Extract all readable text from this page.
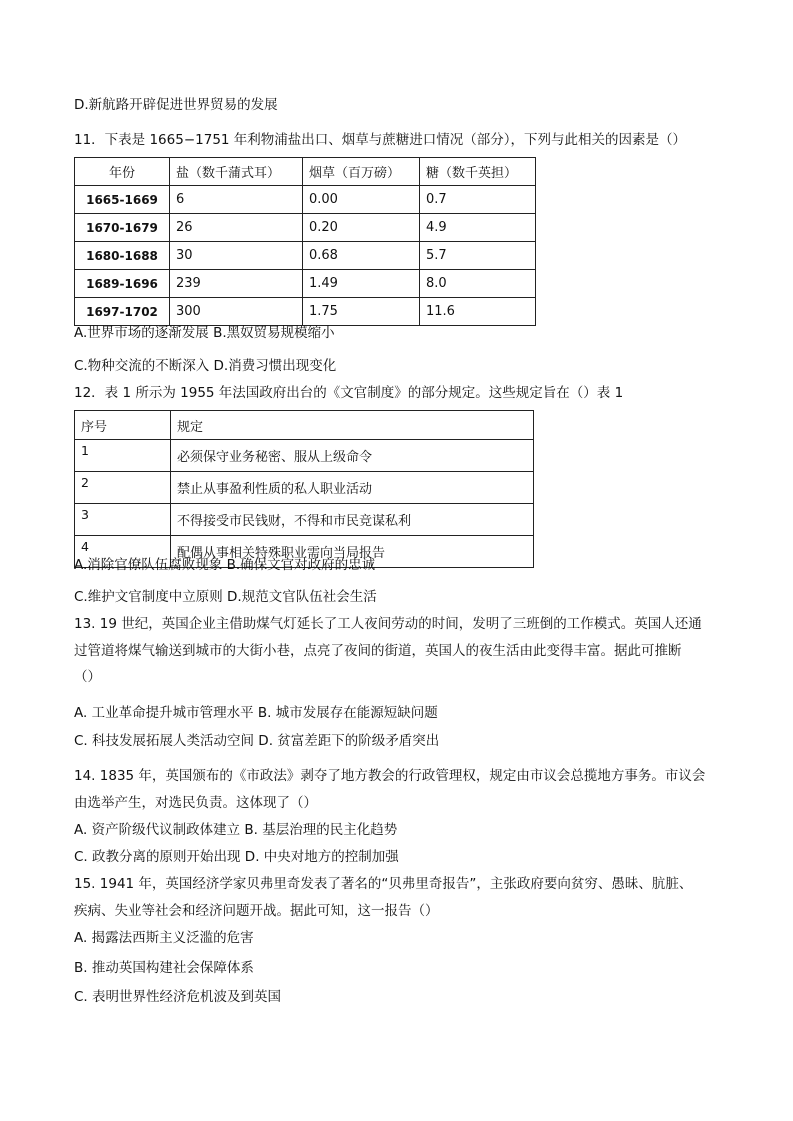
D.新航路开辟促进世界贸易的发展
11．下表是 1665−1751 年利物浦盐出口、烟草与蔗糖进口情况（部分），下列与此相关的因素是（）
年份	盐（数千蒲式耳）	烟草（百万磅）	糖（数千英担）
1665-1669	6	0.00	0.7
1670-1679	26	0.20	4.9
1680-1688	30	0.68	5.7
1689-1696	239	1.49	8.0
1697-1702	300	1.75	11.6
A.世界市场的逐渐发展 B.黑奴贸易规模缩小
C.物种交流的不断深入 D.消费习惯出现变化
12．表 1 所示为 1955 年法国政府出台的《文官制度》的部分规定。这些规定旨在（）表 1
序号	规定
1	必须保守业务秘密、服从上级命令
2	禁止从事盈利性质的私人职业活动
3	不得接受市民钱财，不得和市民竞谋私利
4	配偶从事相关特殊职业需向当局报告
A.消除官僚队伍腐败现象 B.确保文官对政府的忠诚
C.维护文官制度中立原则 D.规范文官队伍社会生活
13. 19 世纪，英国企业主借助煤气灯延长了工人夜间劳动的时间，发明了三班倒的工作模式。英国人还通
过管道将煤气输送到城市的大街小巷，点亮了夜间的街道，英国人的夜生活由此变得丰富。据此可推断
（）
A. 工业革命提升城市管理水平 B. 城市发展存在能源短缺问题
C. 科技发展拓展人类活动空间 D. 贫富差距下的阶级矛盾突出
14. 1835 年，英国颁布的《市政法》剥夺了地方教会的行政管理权，规定由市议会总揽地方事务。市议会
由选举产生，对选民负责。这体现了（）
A. 资产阶级代议制政体建立 B. 基层治理的民主化趋势
C. 政教分离的原则开始出现 D. 中央对地方的控制加强
15. 1941 年，英国经济学家贝弗里奇发表了著名的“贝弗里奇报告”，主张政府要向贫穷、愚昧、肮脏、
疾病、失业等社会和经济问题开战。据此可知，这一报告（）
A. 揭露法西斯主义泛滥的危害
B. 推动英国构建社会保障体系
C. 表明世界性经济危机波及到英国
